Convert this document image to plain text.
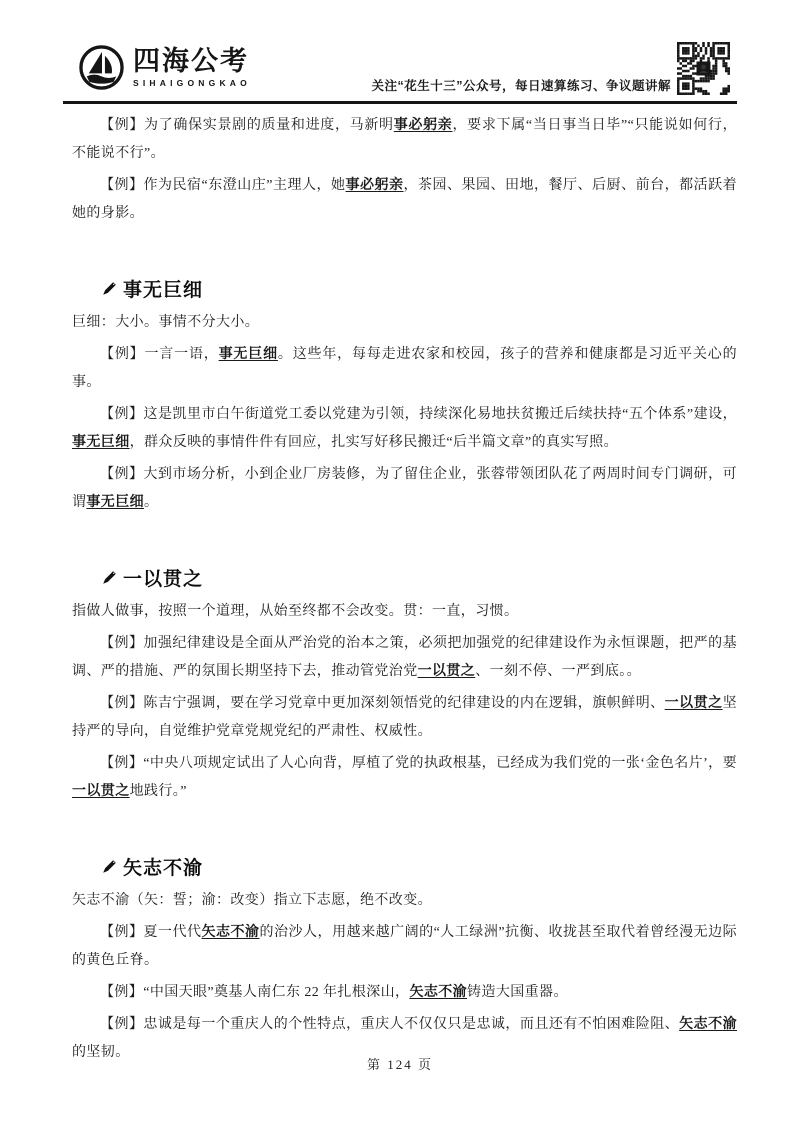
四海公考
SIHAIGONGKAO	关注“花生十三”公众号，每日速算练习、争议题讲解

【例】为了确保实景剧的质量和进度，马新明事必躬亲，要求下属“当日事当日毕”“只能说如何行，不能说不行”。

【例】作为民宿“东澄山庄”主理人，她事必躬亲，茶园、果园、田地，餐厅、后厨、前台，都活跃着她的身影。

事无巨细

巨细：大小。事情不分大小。

【例】一言一语，事无巨细。这些年，每每走进农家和校园，孩子的营养和健康都是习近平关心的事。

【例】这是凯里市白午街道党工委以党建为引领，持续深化易地扶贫搬迁后续扶持“五个体系”建设，事无巨细，群众反映的事情件件有回应，扎实写好移民搬迁“后半篇文章”的真实写照。

【例】大到市场分析，小到企业厂房装修，为了留住企业，张蓉带领团队花了两周时间专门调研，可谓事无巨细。

一以贯之

指做人做事，按照一个道理，从始至终都不会改变。贯：一直，习惯。

【例】加强纪律建设是全面从严治党的治本之策，必须把加强党的纪律建设作为永恒课题，把严的基调、严的措施、严的氛围长期坚持下去，推动管党治党一以贯之、一刻不停、一严到底。。

【例】陈吉宁强调，要在学习党章中更加深刻领悟党的纪律建设的内在逻辑，旗帜鲜明、一以贯之坚持严的导向，自觉维护党章党规党纪的严肃性、权威性。

【例】“中央八项规定试出了人心向背，厚植了党的执政根基，已经成为我们党的一张‘金色名片’，要一以贯之地践行。”

矢志不渝

矢志不渝（矢：誓；渝：改变）指立下志愿，绝不改变。

【例】夏一代代矢志不渝的治沙人，用越来越广阔的“人工绿洲”抗衡、收拢甚至取代着曾经漫无边际的黄色丘脊。

【例】“中国天眼”奠基人南仁东 22 年扎根深山，矢志不渝铸造大国重器。

【例】忠诚是每一个重庆人的个性特点，重庆人不仅仅只是忠诚，而且还有不怕困难险阻、矢志不渝的坚韧。

第 124 页
